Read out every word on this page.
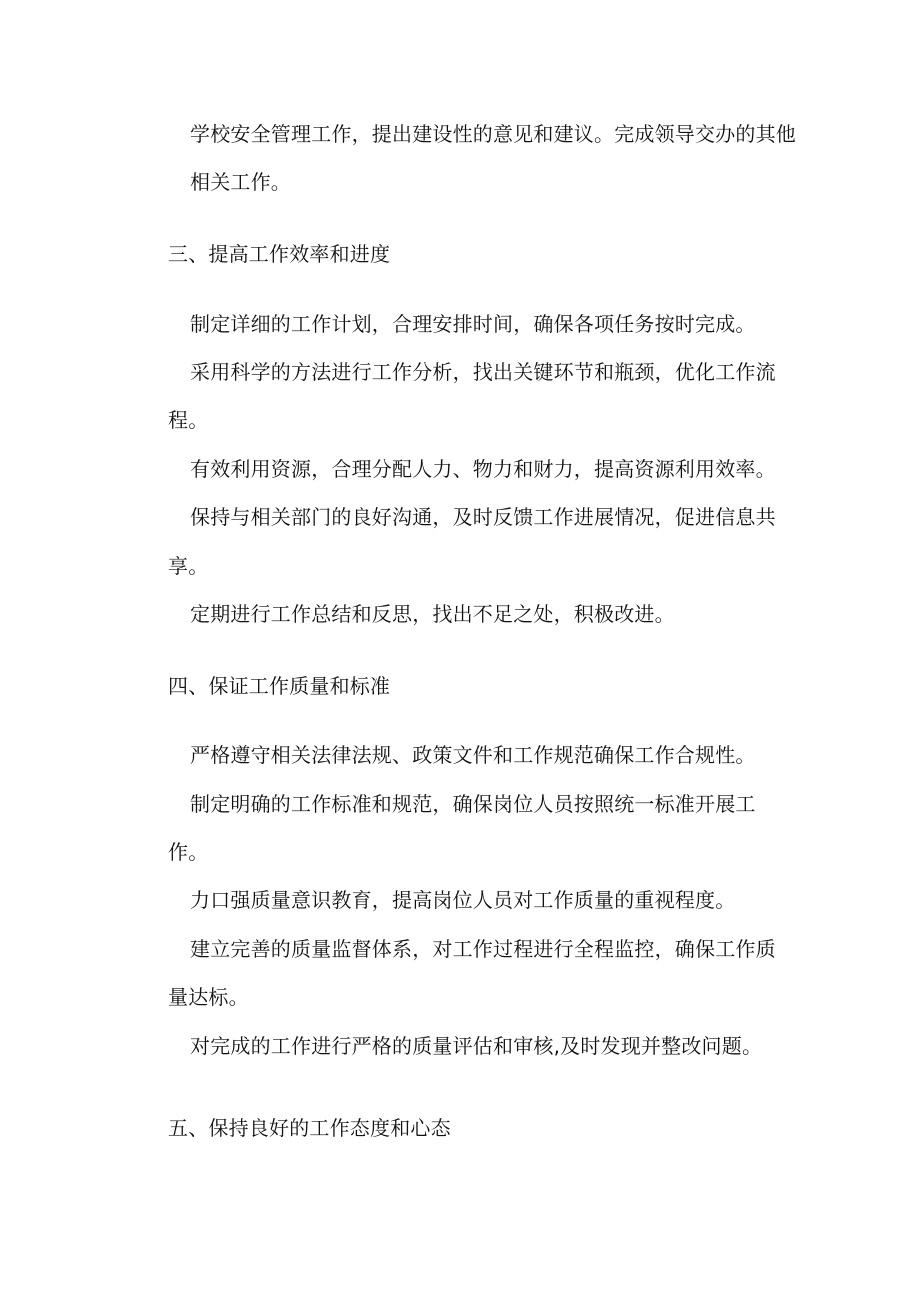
学校安全管理工作，提出建设性的意见和建议。完成领导交办的其他
相关工作。
三、提高工作效率和进度
制定详细的工作计划，合理安排时间，确保各项任务按时完成。
采用科学的方法进行工作分析，找出关键环节和瓶颈，优化工作流
程。
有效利用资源，合理分配人力、物力和财力，提高资源利用效率。
保持与相关部门的良好沟通，及时反馈工作进展情况，促进信息共
享。
定期进行工作总结和反思，找出不足之处，积极改进。
四、保证工作质量和标准
严格遵守相关法律法规、政策文件和工作规范确保工作合规性。
制定明确的工作标准和规范，确保岗位人员按照统一标准开展工
作。
力口强质量意识教育，提高岗位人员对工作质量的重视程度。
建立完善的质量监督体系，对工作过程进行全程监控，确保工作质
量达标。
对完成的工作进行严格的质量评估和审核,及时发现并整改问题。
五、保持良好的工作态度和心态
